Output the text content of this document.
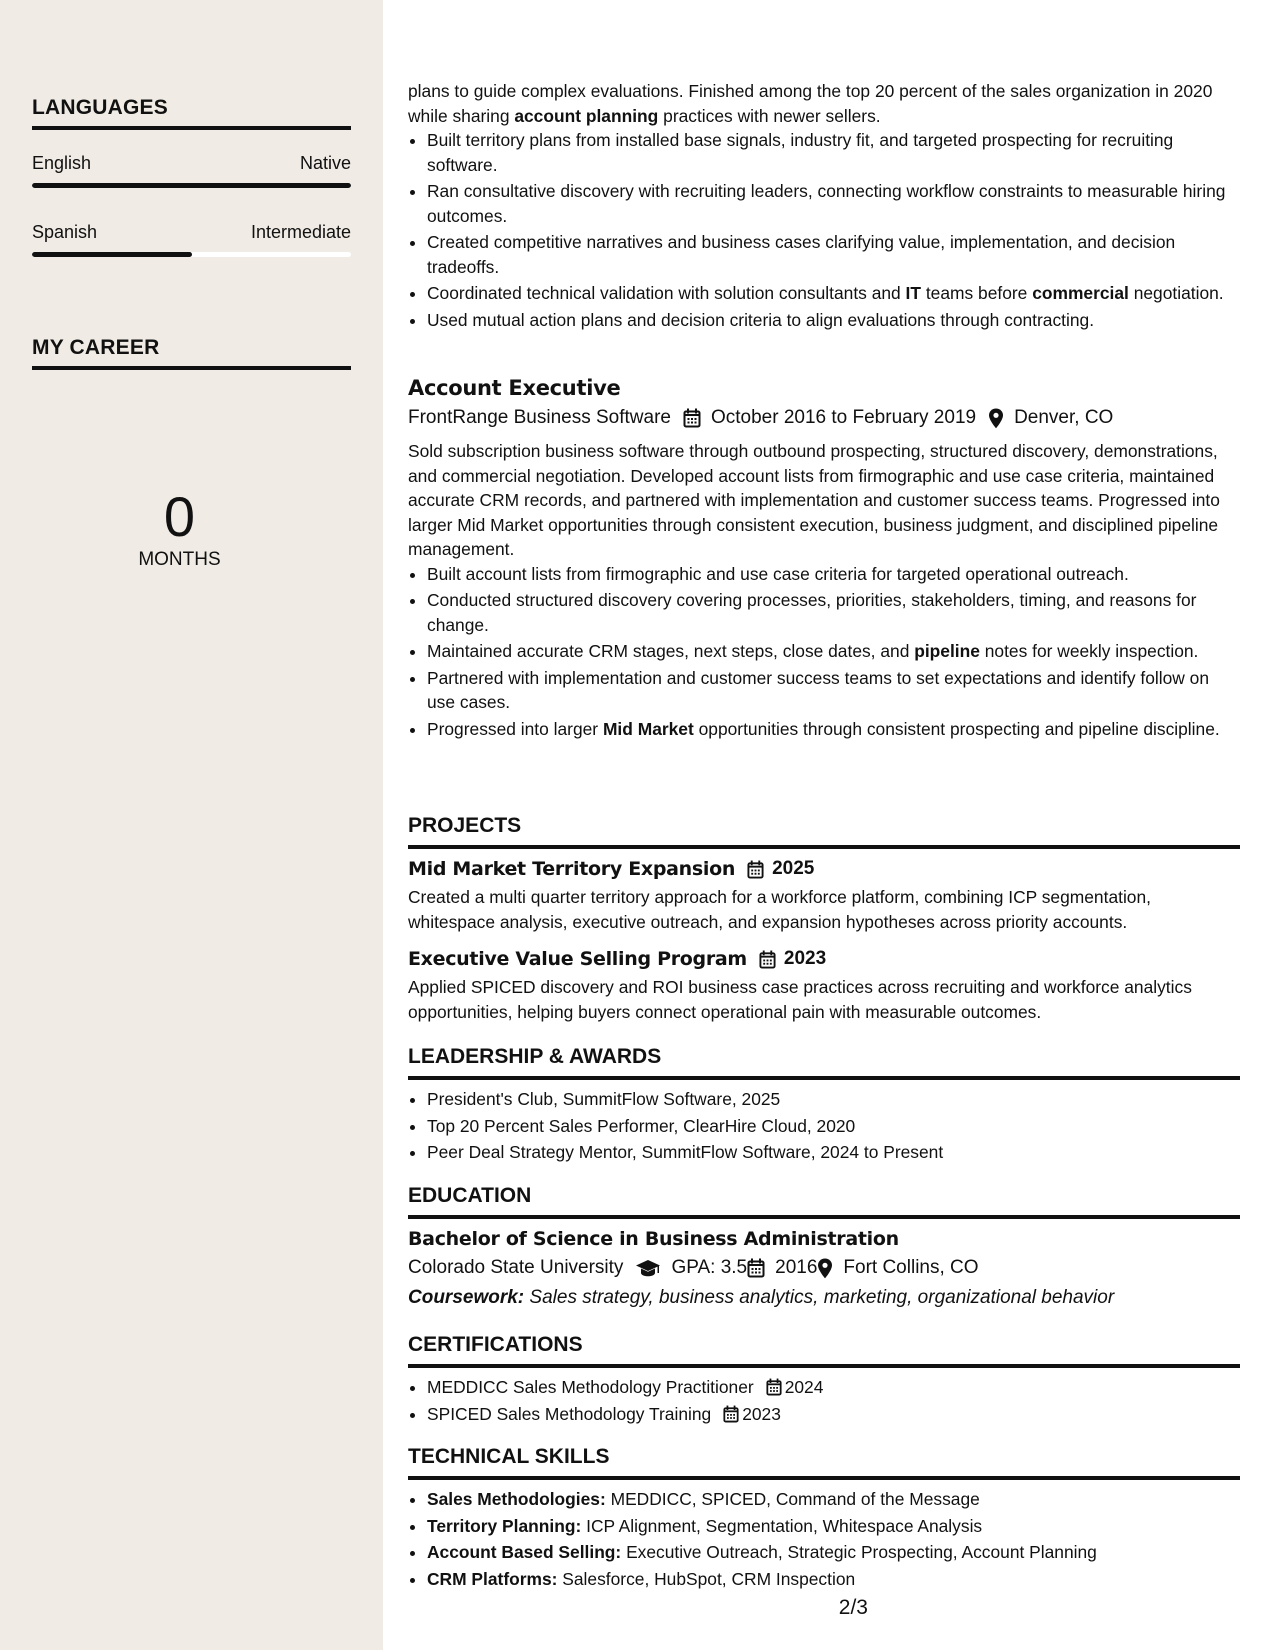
LANGUAGES
English	Native
Spanish	Intermediate
MY CAREER
0
MONTHS

plans to guide complex evaluations. Finished among the top 20 percent of the sales organization in 2020 while sharing account planning practices with newer sellers.

• Built territory plans from installed base signals, industry fit, and targeted prospecting for recruiting software.
• Ran consultative discovery with recruiting leaders, connecting workflow constraints to measurable hiring outcomes.
• Created competitive narratives and business cases clarifying value, implementation, and decision tradeoffs.
• Coordinated technical validation with solution consultants and IT teams before commercial negotiation.
• Used mutual action plans and decision criteria to align evaluations through contracting.
Account Executive
FrontRange Business Software October 2016 to February 2019 Denver, CO

Sold subscription business software through outbound prospecting, structured discovery, demonstrations, and commercial negotiation. Developed account lists from firmographic and use case criteria, maintained accurate CRM records, and partnered with implementation and customer success teams. Progressed into larger Mid Market opportunities through consistent execution, business judgment, and disciplined pipeline management.

• Built account lists from firmographic and use case criteria for targeted operational outreach.
• Conducted structured discovery covering processes, priorities, stakeholders, timing, and reasons for change.
• Maintained accurate CRM stages, next steps, close dates, and pipeline notes for weekly inspection.
• Partnered with implementation and customer success teams to set expectations and identify follow on use cases.
• Progressed into larger Mid Market opportunities through consistent prospecting and pipeline discipline.
PROJECTS
Mid Market Territory Expansion 2025

Created a multi quarter territory approach for a workforce platform, combining ICP segmentation, whitespace analysis, executive outreach, and expansion hypotheses across priority accounts.

Executive Value Selling Program 2023

Applied SPICED discovery and ROI business case practices across recruiting and workforce analytics opportunities, helping buyers connect operational pain with measurable outcomes.

LEADERSHIP & AWARDS
• President's Club, SummitFlow Software, 2025
• Top 20 Percent Sales Performer, ClearHire Cloud, 2020
• Peer Deal Strategy Mentor, SummitFlow Software, 2024 to Present
EDUCATION
Bachelor of Science in Business Administration
Colorado State University	GPA: 3.5 2016 Fort Collins, CO
Coursework: Sales strategy, business analytics, marketing, organizational behavior
CERTIFICATIONS
• MEDDICC Sales Methodology Practitioner 2024
• SPICED Sales Methodology Training 2023
TECHNICAL SKILLS
• Sales Methodologies: MEDDICC, SPICED, Command of the Message
• Territory Planning: ICP Alignment, Segmentation, Whitespace Analysis
• Account Based Selling: Executive Outreach, Strategic Prospecting, Account Planning
• CRM Platforms: Salesforce, HubSpot, CRM Inspection
2/3
